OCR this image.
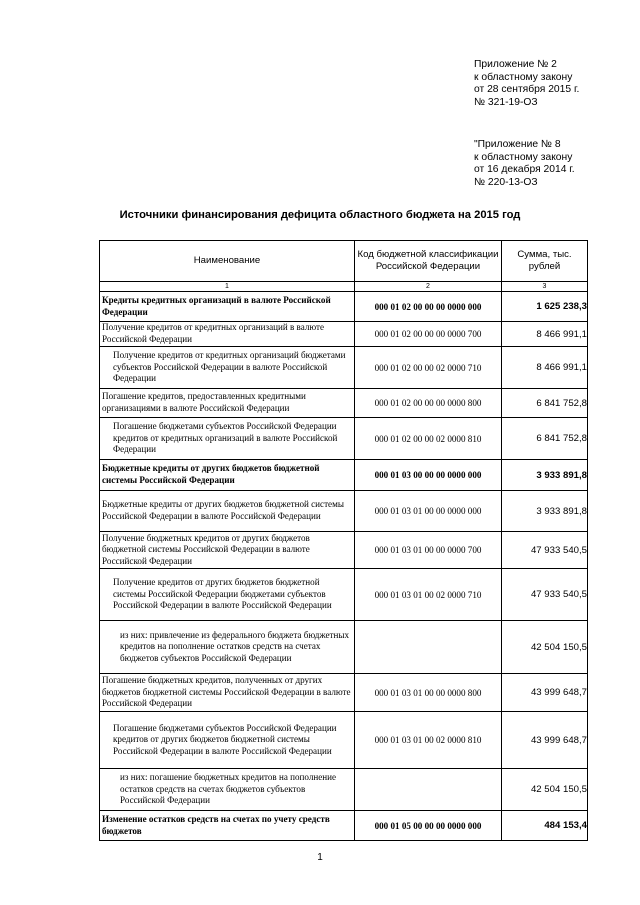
Приложение № 2
к областному закону
от 28 сентября 2015 г.
№ 321-19-ОЗ
"Приложение № 8
к областному закону
от 16 декабря 2014 г.
№ 220-13-ОЗ
Источники финансирования дефицита областного бюджета на 2015 год
Наименование	Код бюджетной классификации Российской Федерации	Сумма, тыс. рублей
1	2	3
Кредиты кредитных организаций в валюте Российской Федерации	000 01 02 00 00 00 0000 000	1 625 238,3
Получение кредитов от кредитных организаций в валюте Российской Федерации	000 01 02 00 00 00 0000 700	8 466 991,1
Получение кредитов от кредитных организаций бюджетами субъектов Российской Федерации в валюте Российской Федерации	000 01 02 00 00 02 0000 710	8 466 991,1
Погашение кредитов, предоставленных кредитными организациями в валюте Российской Федерации	000 01 02 00 00 00 0000 800	6 841 752,8
Погашение бюджетами субъектов Российской Федерации кредитов от кредитных организаций в валюте Российской Федерации	000 01 02 00 00 02 0000 810	6 841 752,8
Бюджетные кредиты от других бюджетов бюджетной системы Российской Федерации	000 01 03 00 00 00 0000 000	3 933 891,8
Бюджетные кредиты от других бюджетов бюджетной системы Российской Федерации в валюте Российской Федерации	000 01 03 01 00 00 0000 000	3 933 891,8
Получение бюджетных кредитов от других бюджетов бюджетной системы Российской Федерации в валюте Российской Федерации	000 01 03 01 00 00 0000 700	47 933 540,5
Получение кредитов от других бюджетов бюджетной системы Российской Федерации бюджетами субъектов Российской Федерации в валюте Российской Федерации	000 01 03 01 00 02 0000 710	47 933 540,5
из них: привлечение из федерального бюджета бюджетных кредитов на пополнение остатков средств на счетах бюджетов субъектов Российской Федерации		42 504 150,5
Погашение бюджетных кредитов, полученных от других бюджетов бюджетной системы Российской Федерации в валюте Российской Федерации	000 01 03 01 00 00 0000 800	43 999 648,7
Погашение бюджетами субъектов Российской Федерации кредитов от других бюджетов бюджетной системы Российской Федерации в валюте Российской Федерации	000 01 03 01 00 02 0000 810	43 999 648,7
из них: погашение бюджетных кредитов на пополнение остатков средств на счетах бюджетов субъектов Российской Федерации		42 504 150,5
Изменение остатков средств на счетах по учету средств бюджетов	000 01 05 00 00 00 0000 000	484 153,4
1
